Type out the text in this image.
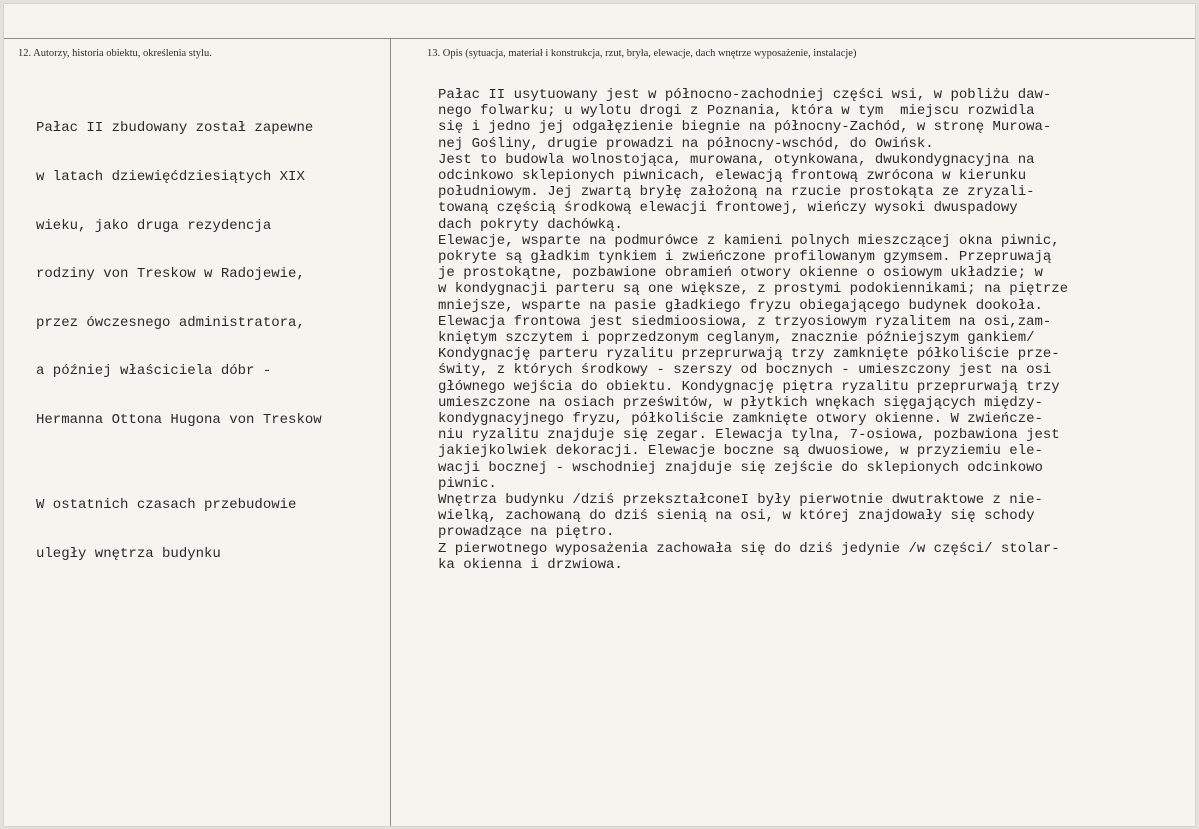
12. Autorzy, historia obiektu, określenia stylu.	13. Opis (sytuacja, materiał i konstrukcja, rzut, bryła, elewacje, dach wnętrze wyposażenie, instalacje)

Pałac II zbudowany został zapewne

w latach dziewięćdziesiątych XIX

wieku, jako druga rezydencja

rodziny von Treskow w Radojewie,

przez ówczesnego administratora,

a później właściciela dóbr -

Hermanna Ottona Hugona von Treskow

W ostatnich czasach przebudowie

uległy wnętrza budynku

Pałac II usytuowany jest w północno-zachodniej części wsi, w pobliżu daw-
nego folwarku; u wylotu drogi z Poznania, która w tym  miejscu rozwidla
się i jedno jej odgałęzienie biegnie na północny-Zachód, w stronę Murowa-
nej Gośliny, drugie prowadzi na północny-wschód, do Owińsk.
Jest to budowla wolnostojąca, murowana, otynkowana, dwukondygnacyjna na
odcinkowo sklepionych piwnicach, elewacją frontową zwrócona w kierunku
południowym. Jej zwartą bryłę założoną na rzucie prostokąta ze zryzali-
towaną częścią środkową elewacji frontowej, wieńczy wysoki dwuspadowy
dach pokryty dachówką.
Elewacje, wsparte na podmurówce z kamieni polnych mieszczącej okna piwnic,
pokryte są gładkim tynkiem i zwieńczone profilowanym gzymsem. Przepruwają
je prostokątne, pozbawione obramień otwory okienne o osiowym układzie; w
w kondygnacji parteru są one większe, z prostymi podokiennikami; na piętrze
mniejsze, wsparte na pasie gładkiego fryzu obiegającego budynek dookoła.
Elewacja frontowa jest siedmioosiowa, z trzyosiowym ryzalitem na osi,zam-
kniętym szczytem i poprzedzonym ceglanym, znacznie późniejszym gankiem/
Kondygnację parteru ryzalitu przeprurwają trzy zamknięte półkoliście prze-
świty, z których środkowy - szerszy od bocznych - umieszczony jest na osi
głównego wejścia do obiektu. Kondygnację piętra ryzalitu przeprurwają trzy
umieszczone na osiach prześwitów, w płytkich wnękach sięgających między-
kondygnacyjnego fryzu, półkoliście zamknięte otwory okienne. W zwieńcze-
niu ryzalitu znajduje się zegar. Elewacja tylna, 7-osiowa, pozbawiona jest
jakiejkolwiek dekoracji. Elewacje boczne są dwuosiowe, w przyziemiu ele-
wacji bocznej - wschodniej znajduje się zejście do sklepionych odcinkowo
piwnic.
Wnętrza budynku /dziś przekształconeI były pierwotnie dwutraktowe z nie-
wielką, zachowaną do dziś sienią na osi, w której znajdowały się schody
prowadzące na piętro.
Z pierwotnego wyposażenia zachowała się do dziś jedynie /w części/ stolar-
ka okienna i drzwiowa.
